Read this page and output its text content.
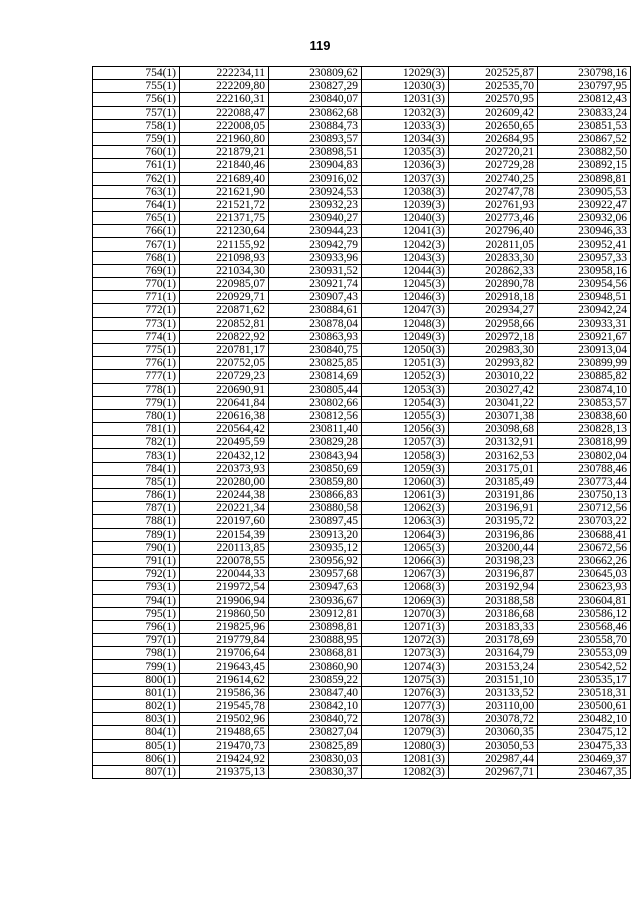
119
754(1)	222234,11	230809,62	12029(3)	202525,87	230798,16
755(1)	222209,80	230827,29	12030(3)	202535,70	230797,95
756(1)	222160,31	230840,07	12031(3)	202570,95	230812,43
757(1)	222088,47	230862,68	12032(3)	202609,42	230833,24
758(1)	222008,05	230884,73	12033(3)	202650,65	230851,53
759(1)	221960,80	230893,57	12034(3)	202684,95	230867,52
760(1)	221879,21	230898,51	12035(3)	202720,21	230882,50
761(1)	221840,46	230904,83	12036(3)	202729,28	230892,15
762(1)	221689,40	230916,02	12037(3)	202740,25	230898,81
763(1)	221621,90	230924,53	12038(3)	202747,78	230905,53
764(1)	221521,72	230932,23	12039(3)	202761,93	230922,47
765(1)	221371,75	230940,27	12040(3)	202773,46	230932,06
766(1)	221230,64	230944,23	12041(3)	202796,40	230946,33
767(1)	221155,92	230942,79	12042(3)	202811,05	230952,41
768(1)	221098,93	230933,96	12043(3)	202833,30	230957,33
769(1)	221034,30	230931,52	12044(3)	202862,33	230958,16
770(1)	220985,07	230921,74	12045(3)	202890,78	230954,56
771(1)	220929,71	230907,43	12046(3)	202918,18	230948,51
772(1)	220871,62	230884,61	12047(3)	202934,27	230942,24
773(1)	220852,81	230878,04	12048(3)	202958,66	230933,31
774(1)	220822,92	230863,93	12049(3)	202972,18	230921,67
775(1)	220781,17	230840,75	12050(3)	202983,30	230913,04
776(1)	220752,05	230825,85	12051(3)	202993,82	230899,99
777(1)	220729,23	230814,69	12052(3)	203010,22	230885,82
778(1)	220690,91	230805,44	12053(3)	203027,42	230874,10
779(1)	220641,84	230802,66	12054(3)	203041,22	230853,57
780(1)	220616,38	230812,56	12055(3)	203071,38	230838,60
781(1)	220564,42	230811,40	12056(3)	203098,68	230828,13
782(1)	220495,59	230829,28	12057(3)	203132,91	230818,99
783(1)	220432,12	230843,94	12058(3)	203162,53	230802,04
784(1)	220373,93	230850,69	12059(3)	203175,01	230788,46
785(1)	220280,00	230859,80	12060(3)	203185,49	230773,44
786(1)	220244,38	230866,83	12061(3)	203191,86	230750,13
787(1)	220221,34	230880,58	12062(3)	203196,91	230712,56
788(1)	220197,60	230897,45	12063(3)	203195,72	230703,22
789(1)	220154,39	230913,20	12064(3)	203196,86	230688,41
790(1)	220113,85	230935,12	12065(3)	203200,44	230672,56
791(1)	220078,55	230956,92	12066(3)	203198,23	230662,26
792(1)	220044,33	230957,68	12067(3)	203196,87	230645,03
793(1)	219972,54	230947,63	12068(3)	203192,94	230623,93
794(1)	219906,94	230936,67	12069(3)	203188,58	230604,81
795(1)	219860,50	230912,81	12070(3)	203186,68	230586,12
796(1)	219825,96	230898,81	12071(3)	203183,33	230568,46
797(1)	219779,84	230888,95	12072(3)	203178,69	230558,70
798(1)	219706,64	230868,81	12073(3)	203164,79	230553,09
799(1)	219643,45	230860,90	12074(3)	203153,24	230542,52
800(1)	219614,62	230859,22	12075(3)	203151,10	230535,17
801(1)	219586,36	230847,40	12076(3)	203133,52	230518,31
802(1)	219545,78	230842,10	12077(3)	203110,00	230500,61
803(1)	219502,96	230840,72	12078(3)	203078,72	230482,10
804(1)	219488,65	230827,04	12079(3)	203060,35	230475,12
805(1)	219470,73	230825,89	12080(3)	203050,53	230475,33
806(1)	219424,92	230830,03	12081(3)	202987,44	230469,37
807(1)	219375,13	230830,37	12082(3)	202967,71	230467,35
